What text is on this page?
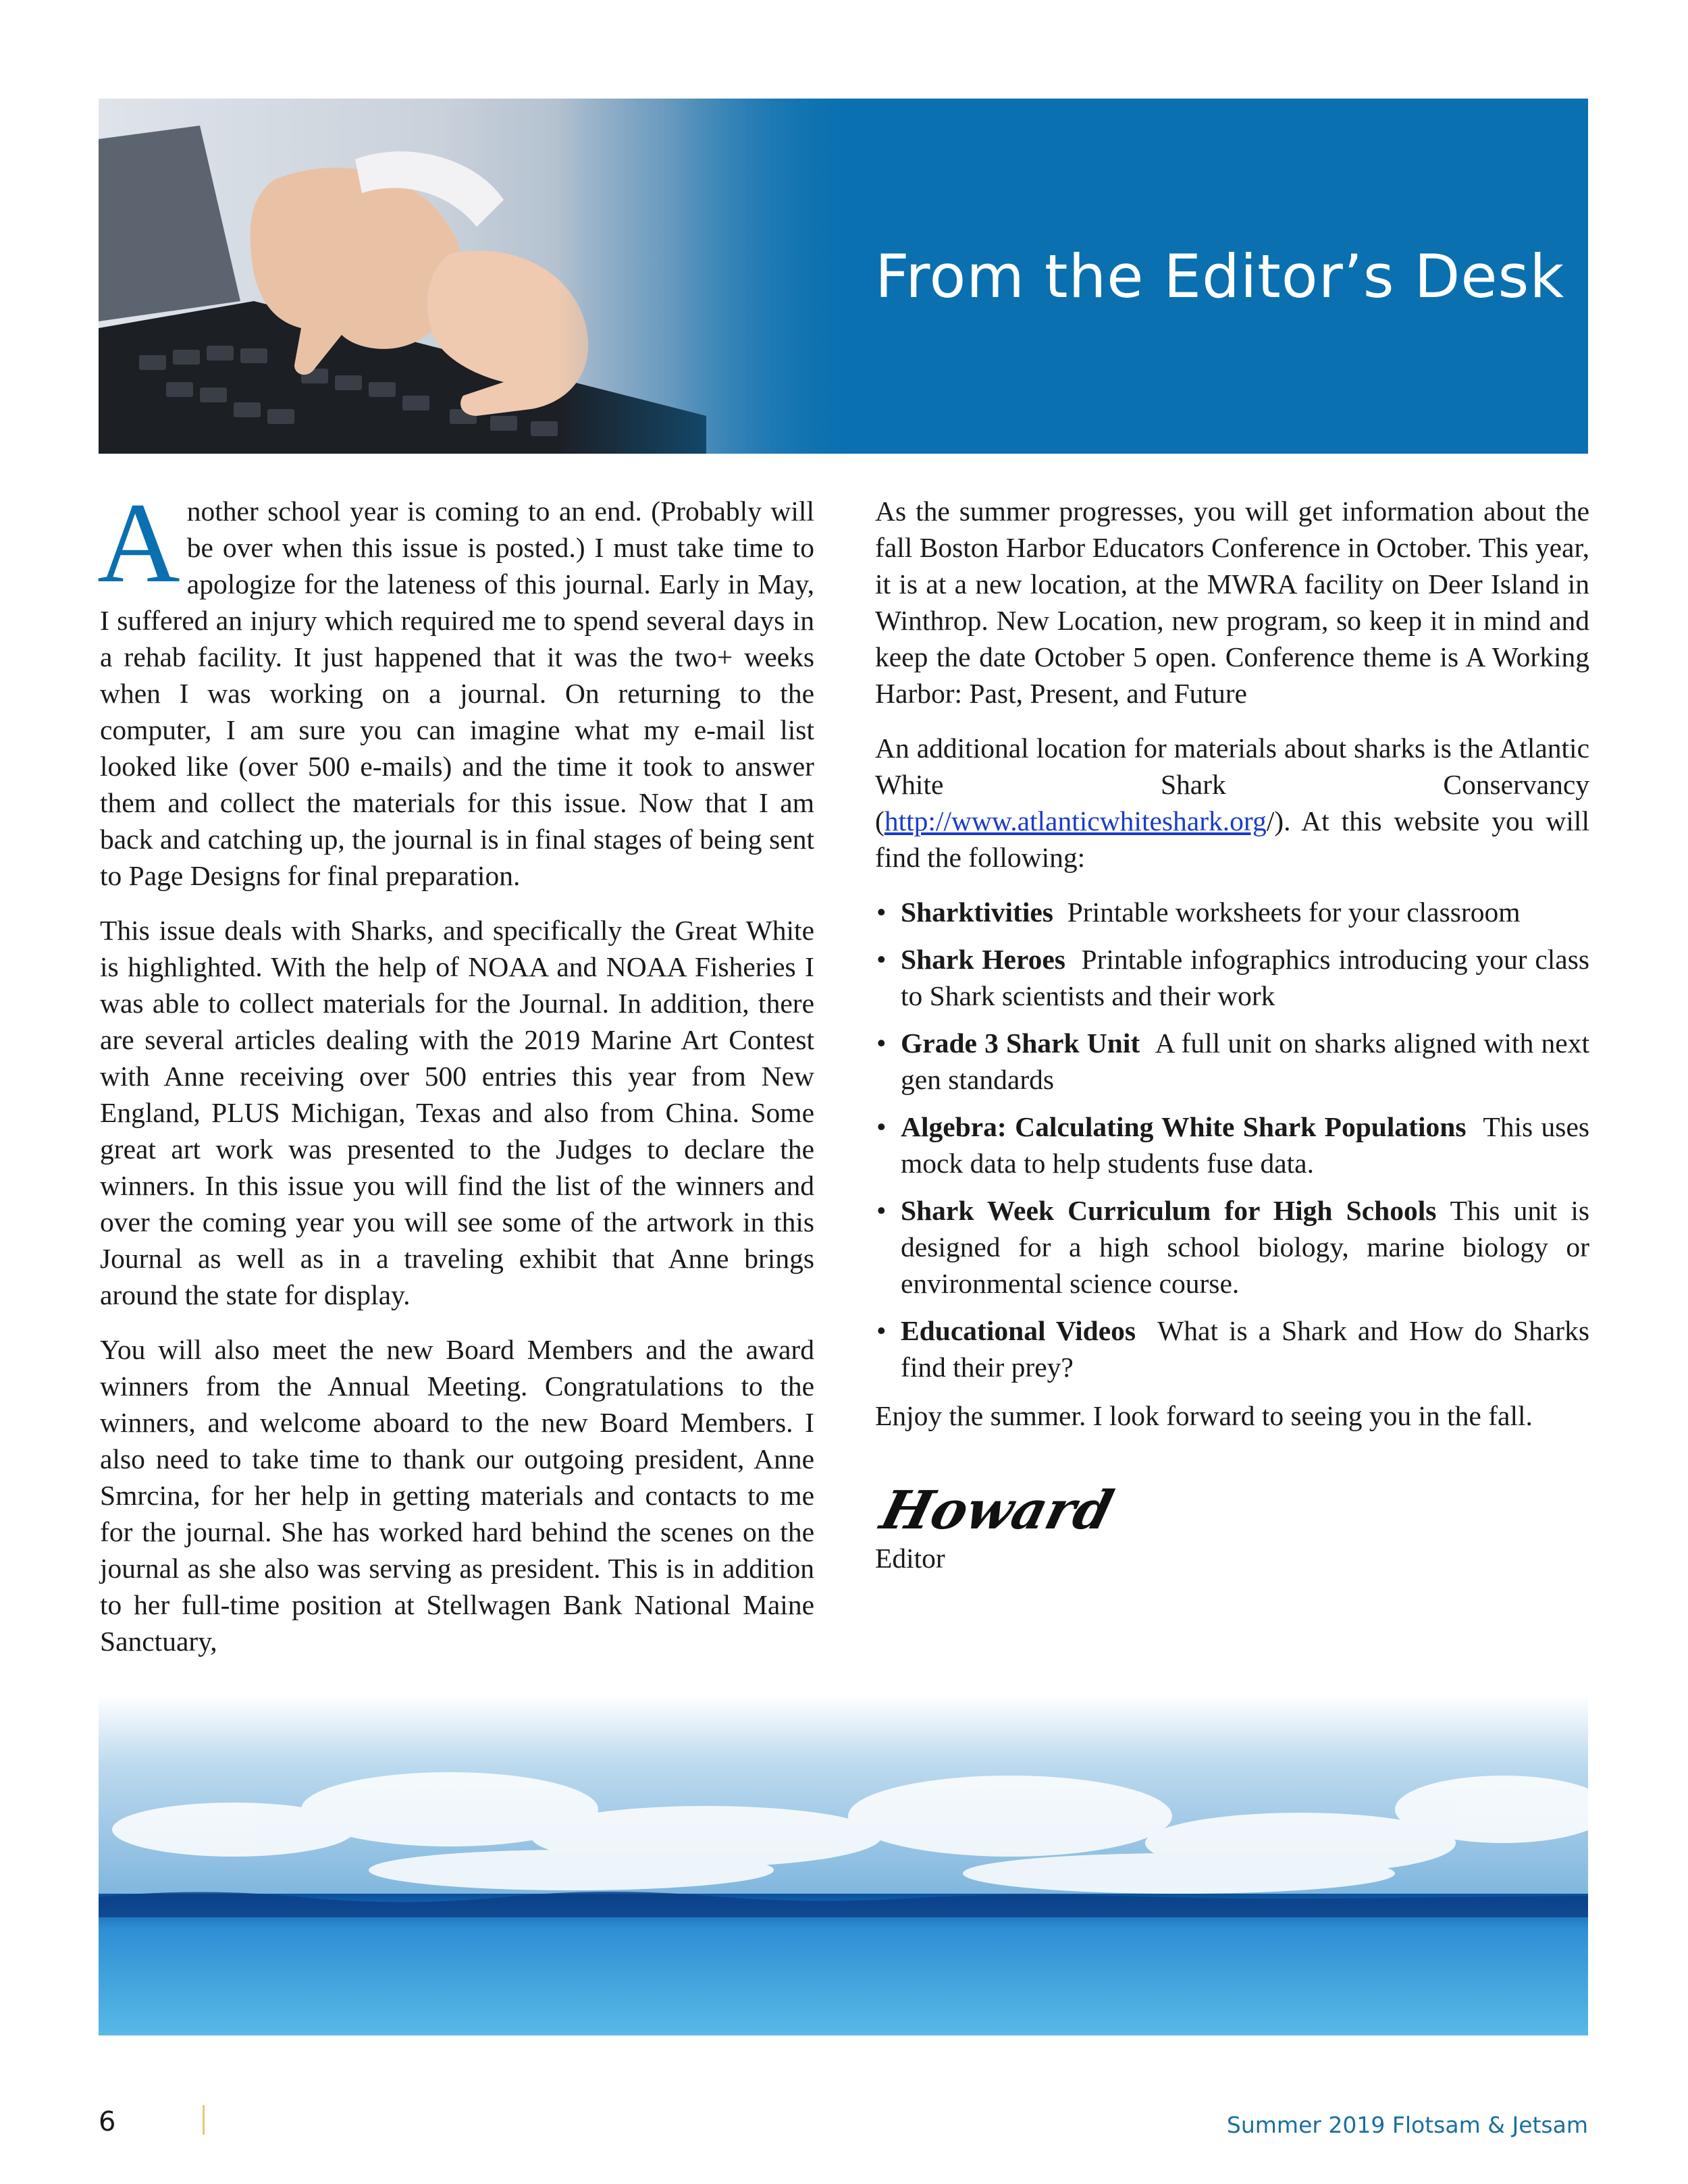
From the Editor’s Desk

Another school year is coming to an end. (Probably will be over when this issue is posted.) I must take time to apologize for the lateness of this journal. Early in May, I suffered an injury which required me to spend several days in a rehab facility. It just happened that it was the two+ weeks when I was working on a journal. On returning to the computer, I am sure you can imagine what my e-mail list looked like (over 500 e-mails) and the time it took to answer them and collect the materials for this issue. Now that I am back and catching up, the journal is in final stages of being sent to Page Designs for final preparation.

This issue deals with Sharks, and specifically the Great White is highlighted. With the help of NOAA and NOAA Fisheries I was able to collect materials for the Journal. In addition, there are several articles dealing with the 2019 Marine Art Contest with Anne receiving over 500 entries this year from New England, PLUS Michigan, Texas and also from China. Some great art work was presented to the Judges to declare the winners. In this issue you will find the list of the winners and over the coming year you will see some of the artwork in this Journal as well as in a traveling exhibit that Anne brings around the state for display.

You will also meet the new Board Members and the award winners from the Annual Meeting. Congratulations to the winners, and welcome aboard to the new Board Members. I also need to take time to thank our outgoing president, Anne Smrcina, for her help in getting materials and contacts to me for the journal. She has worked hard behind the scenes on the journal as she also was serving as president. This is in addition to her full-time position at Stellwagen Bank National Maine Sanctuary,

As the summer progresses, you will get information about the fall Boston Harbor Educators Conference in October. This year, it is at a new location, at the MWRA facility on Deer Island in Winthrop. New Location, new program, so keep it in mind and keep the date October 5 open. Conference theme is A Working Harbor: Past, Present, and Future

An additional location for materials about sharks is the Atlantic White Shark Conservancy (http://www.atlanticwhiteshark.org/). At this website you will find the following:

• Sharktivities Printable worksheets for your classroom
• Shark Heroes Printable infographics introducing your class to Shark scientists and their work
• Grade 3 Shark Unit A full unit on sharks aligned with next gen standards
• Algebra: Calculating White Shark Populations This uses mock data to help students fuse data.
• Shark Week Curriculum for High Schools This unit is designed for a high school biology, marine biology or environmental science course.
• Educational Videos What is a Shark and How do Sharks find their prey?

Enjoy the summer. I look forward to seeing you in the fall.

Howard
Editor

6	Summer 2019 Flotsam & Jetsam
